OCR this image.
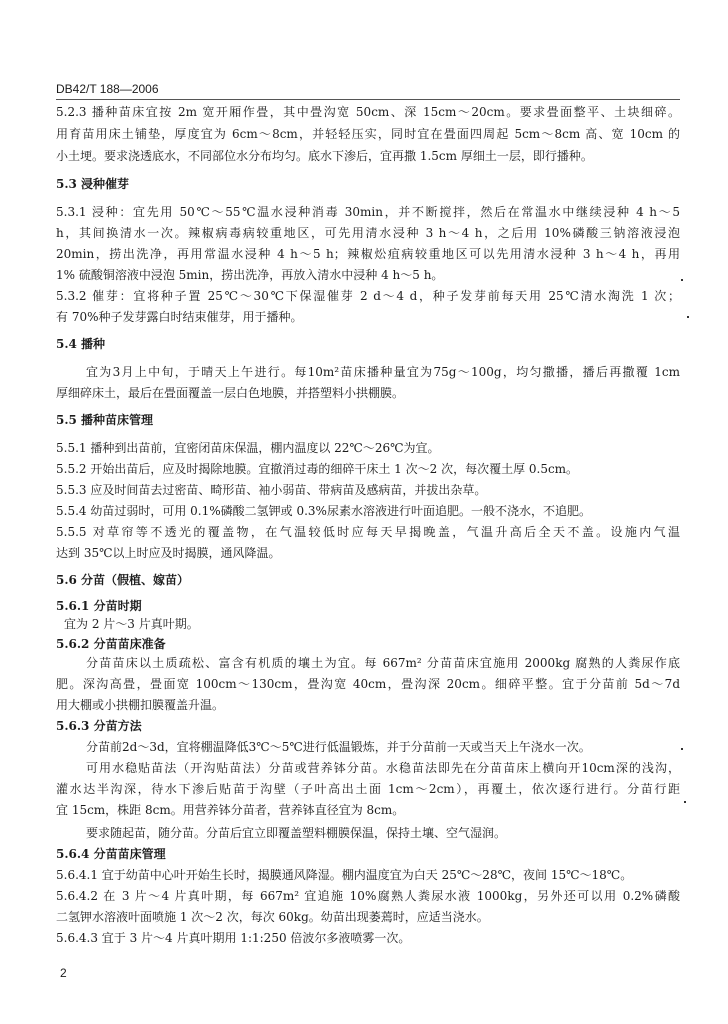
DB42/T 188—2006
5.2.3 播种苗床宜按 2m 宽开厢作畳，其中畳沟宽 50cm、深 15cm～20cm。要求畳面整平、土块细碎。
用育苗用床土铺垫，厚度宜为 6cm～8cm，并轻轻压实，同时宜在畳面四周起 5cm～8cm 高、宽 10cm 的
小土埂。要求浇透底水，不同部位水分布均匀。底水下渗后，宜再撒 1.5cm 厚细土一层，即行播种。
5.3 浸种催芽
5.3.1 浸种：宜先用 50℃～55℃温水浸种消毒 30min，并不断搅拌，然后在常温水中继续浸种 4 h～5
h，其间换清水一次。辣椒病毒病较重地区，可先用清水浸种 3 h～4 h，之后用 10%磷酸三钠溶液浸泡
20min，捞出洗净，再用常温水浸种 4 h～5 h；辣椒炂疽病较重地区可以先用清水浸种 3 h～4 h，再用
1% 硫酸铜溶液中浸泡 5min，捞出洗净，再放入清水中浸种 4 h～5 h。
5.3.2 催芽：宜将种子置 25℃～30℃下保湿催芽 2 d～4 d，种子发芽前每天用 25℃清水淘洗 1 次；
有 70%种子发芽露白时结束催芽，用于播种。
5.4 播种
宜为3月上中旬，于晴天上午进行。每10m²苗床播种量宜为75g～100g，均匀撒播，播后再撒覆 1cm
厚细碎床土，最后在畳面覆盖一层白色地膜，并搭塑料小拱棚膜。
5.5 播种苗床管理
5.5.1 播种到出苗前，宜密闭苗床保温，棚内温度以 22℃～26℃为宜。
5.5.2 开始出苗后，应及时揭除地膜。宜撤消过毒的细碎干床土 1 次～2 次，每次覆土厚 0.5cm。
5.5.3 应及时间苗去过密苗、畸形苗、袖小弱苗、带病苗及感病苗，并拔出杂草。
5.5.4 幼苗过弱时，可用 0.1%磷酸二氢钾或 0.3%尿素水溶液进行叶面追肥。一般不浇水，不追肥。
5.5.5 对草帘等不透光的覆盖物，在气温较低时应每天早揭晚盖，气温升高后全天不盖。设施内气温
达到 35℃以上时应及时揭膜，通风降温。
5.6 分苗（假植、嫁苗）
5.6.1 分苗时期
宜为 2 片～3 片真叶期。
5.6.2 分苗苗床准备
分苗苗床以土质疏松、富含有机质的壤土为宜。每 667m² 分苗苗床宜施用 2000kg 腐熟的人粪尿作底
肥。深沟高畳，畳面宽 100cm～130cm，畳沟宽 40cm，畳沟深 20cm。细碎平整。宜于分苗前 5d～7d
用大棚或小拱棚扣膜覆盖升温。
5.6.3 分苗方法
分苗前2d～3d，宜将棚温降低3℃～5℃进行低温锻炼，并于分苗前一天或当天上午浇水一次。
可用水稳贴苗法（开沟贴苗法）分苗或营养钵分苗。水稳苗法即先在分苗苗床上横向开10cm深的浅沟，
灌水达半沟深，待水下渗后贴苗于沟壁（子叶高出土面 1cm～2cm），再覆土，依次逐行进行。分苗行距
宜 15cm，株距 8cm。用营养钵分苗者，营养钵直径宜为 8cm。
要求随起苗，随分苗。分苗后宜立即覆盖塑料棚膜保温，保持土壤、空气湿润。
5.6.4 分苗苗床管理
5.6.4.1 宜于幼苗中心叶开始生长时，揭膜通风降湿。棚内温度宜为白天 25℃～28℃，夜间 15℃～18℃。
5.6.4.2 在 3 片～4 片真叶期，每 667m² 宜追施 10%腐熟人粪尿水液 1000kg，另外还可以用 0.2%磷酸
二氢钾水溶液叶面喷施 1 次～2 次，每次 60kg。幼苗出现萎蔫时，应适当浇水。
5.6.4.3 宜于 3 片～4 片真叶期用 1:1:250 倍波尔多液喷雾一次。
2
